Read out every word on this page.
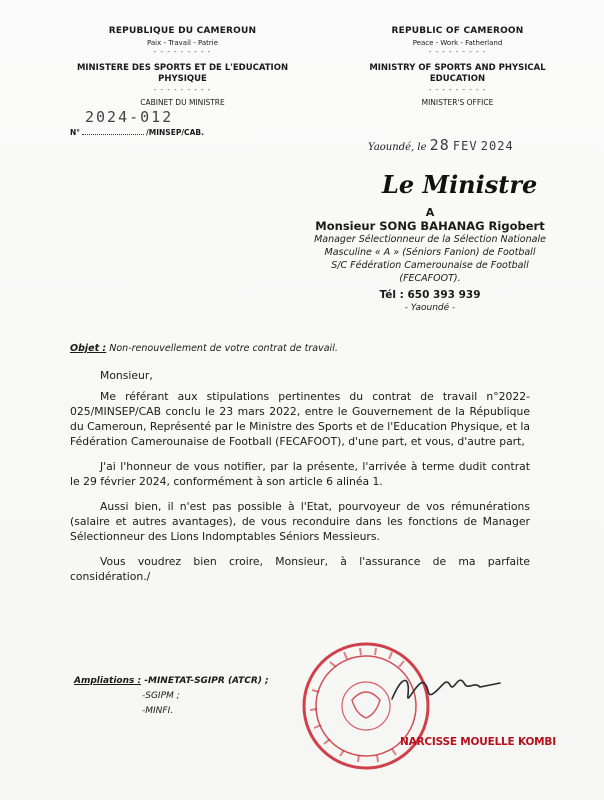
REPUBLIQUE DU CAMEROUN
Paix - Travail - Patrie
- - - - - - - - -
MINISTERE DES SPORTS ET DE L'EDUCATION PHYSIQUE
- - - - - - - - -
CABINET DU MINISTRE
REPUBLIC OF CAMEROON
Peace - Work - Fatherland
- - - - - - - - -
MINISTRY OF SPORTS AND PHYSICAL EDUCATION
- - - - - - - - -
MINISTER'S OFFICE
2024-012
N°	/MINSEP/CAB.
Yaoundé, le 28 FEV 2024
Le Ministre
A
Monsieur SONG BAHANAG Rigobert
Manager Sélectionneur de la Sélection Nationale
Masculine « A » (Séniors Fanion) de Football
S/C Fédération Camerounaise de Football
(FECAFOOT).
Tél : 650 393 939
- Yaoundé -
Objet : Non-renouvellement de votre contrat de travail.

Monsieur,

Me référant aux stipulations pertinentes du contrat de travail n°2022-025/MINSEP/CAB conclu le 23 mars 2022, entre le Gouvernement de la République du Cameroun, Représenté par le Ministre des Sports et de l'Education Physique, et la Fédération Camerounaise de Football (FECAFOOT), d'une part, et vous, d'autre part,

J'ai l'honneur de vous notifier, par la présente, l'arrivée à terme dudit contrat le 29 février 2024, conformément à son article 6 alinéa 1.

Aussi bien, il n'est pas possible à l'Etat, pourvoyeur de vos rémunérations (salaire et autres avantages), de vous reconduire dans les fonctions de Manager Sélectionneur des Lions Indomptables Séniors Messieurs.

Vous voudrez bien croire, Monsieur, à l'assurance de ma parfaite considération./

Ampliations : -MINETAT-SGIPR (ATCR) ;
-SGIPM ;
-MINFI.
NARCISSE MOUELLE KOMBI
